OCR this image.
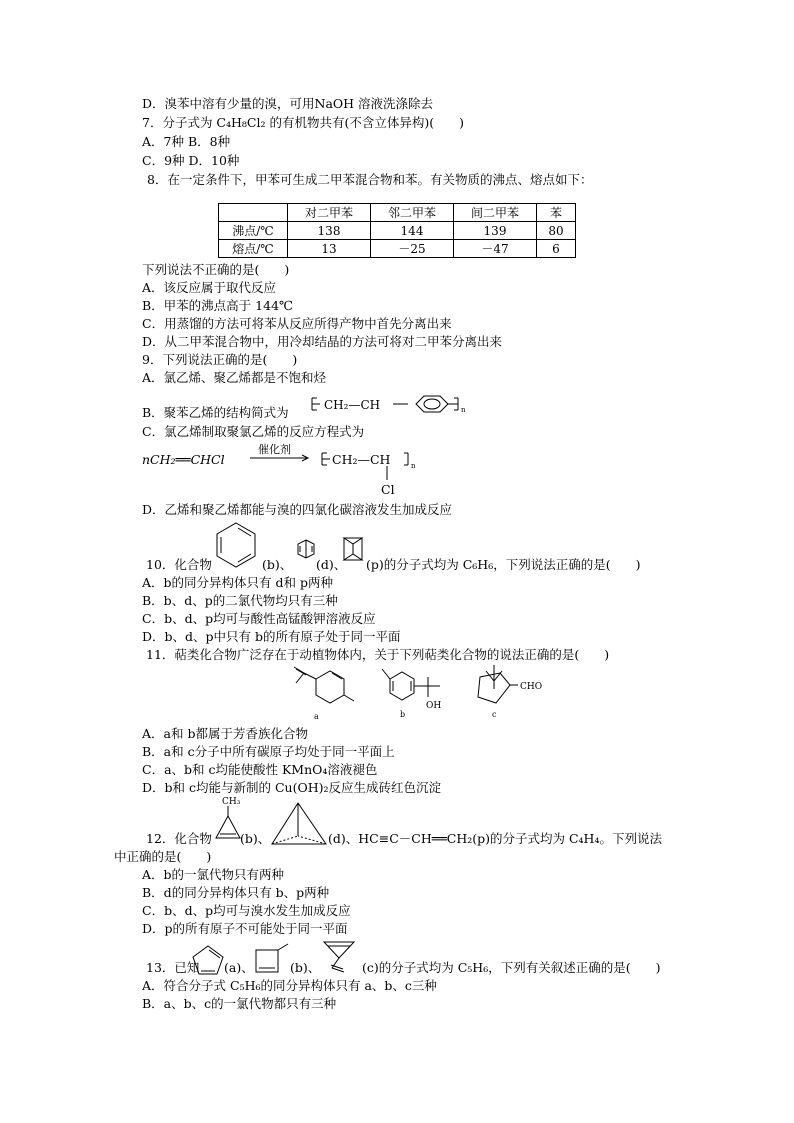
D．溴苯中溶有少量的溴，可用NaOH 溶液洗涤除去
7．分子式为 C₄H₈Cl₂ 的有机物共有(不含立体异构)(　　)
A．7种 B．8种
C．9种 D．10种
8．在一定条件下，甲苯可生成二甲苯混合物和苯。有关物质的沸点、熔点如下：
	对二甲苯	邻二甲苯	间二甲苯	苯
沸点/℃	138	144	139	80
熔点/℃	13	－25	－47	6
下列说法不正确的是(　　)
A．该反应属于取代反应
B．甲苯的沸点高于 144℃
C．用蒸馏的方法可将苯从反应所得产物中首先分离出来
D．从二甲苯混合物中，用冷却结晶的方法可将对二甲苯分离出来
9．下列说法正确的是(　　)
A．氯乙烯、聚乙烯都是不饱和烃
B．聚苯乙烯的结构简式为	CH₂—CH	n
C．氯乙烯制取聚氯乙烯的反应方程式为
nCH₂══CHCl
催化剂
CH₂—CH	n
Cl
D．乙烯和聚乙烯都能与溴的四氯化碳溶液发生加成反应
10．化合物	(b)、 (d)、 (p)的分子式均为 C₆H₆，下列说法正确的是(　　)
A．b的同分异构体只有 d和 p两种
B．b、d、p的二氯代物均只有三种
C．b、d、p均可与酸性高锰酸钾溶液反应
D．b、d、p中只有 b的所有原子处于同一平面
11．萜类化合物广泛存在于动植物体内，关于下列萜类化合物的说法正确的是(　　)
a	b
OH
c
CHO
A．a和 b都属于芳香族化合物
B．a和 c分子中所有碳原子均处于同一平面上
C．a、b和 c均能使酸性 KMnO₄溶液褪色
D．b和 c均能与新制的 Cu(OH)₂反应生成砖红色沉淀
CH₃
12．化合物 (b)、	(d)、HC≡C－CH══CH₂(p)的分子式均为 C₄H₄。下列说法
中正确的是(　　)
A．b的一氯代物只有两种
B．d的同分异构体只有 b、p两种
C．b、d、p均可与溴水发生加成反应
D．p的所有原子不可能处于同一平面
13．已知 (a)、	(b)、	(c)的分子式均为 C₅H₆，下列有关叙述正确的是(　　)
A．符合分子式 C₅H₆的同分异构体只有 a、b、c三种
B．a、b、c的一氯代物都只有三种
